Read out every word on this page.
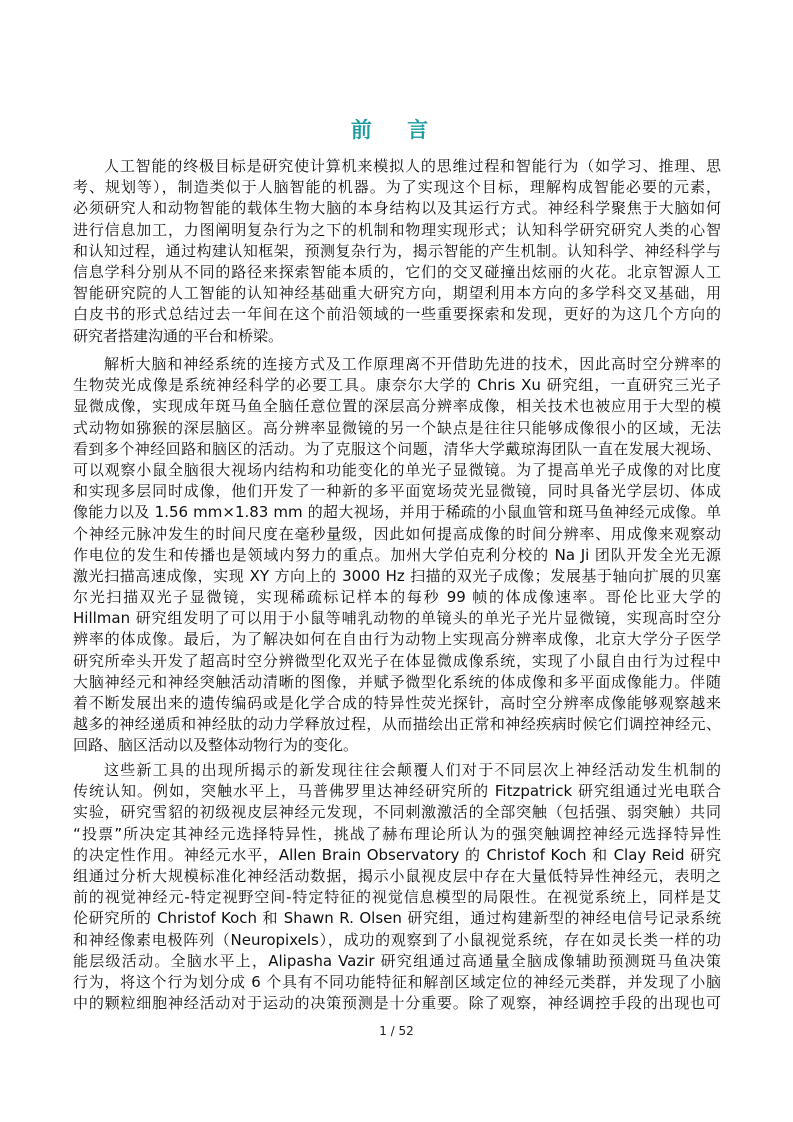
前 言
人工智能的终极目标是研究使计算机来模拟人的思维过程和智能行为（如学习、推理、思
考、规划等），制造类似于人脑智能的机器。为了实现这个目标，理解构成智能必要的元素，
必须研究人和动物智能的载体生物大脑的本身结构以及其运行方式。神经科学聚焦于大脑如何
进行信息加工，力图阐明复杂行为之下的机制和物理实现形式；认知科学研究研究人类的心智
和认知过程，通过构建认知框架，预测复杂行为，揭示智能的产生机制。认知科学、神经科学与
信息学科分别从不同的路径来探索智能本质的，它们的交叉碰撞出炫丽的火花。北京智源人工
智能研究院的人工智能的认知神经基础重大研究方向，期望利用本方向的多学科交叉基础，用
白皮书的形式总结过去一年间在这个前沿领域的一些重要探索和发现，更好的为这几个方向的
研究者搭建沟通的平台和桥梁。
解析大脑和神经系统的连接方式及工作原理离不开借助先进的技术，因此高时空分辨率的
生物荧光成像是系统神经科学的必要工具。康奈尔大学的 Chris Xu 研究组，一直研究三光子
显微成像，实现成年斑马鱼全脑任意位置的深层高分辨率成像，相关技术也被应用于大型的模
式动物如猕猴的深层脑区。高分辨率显微镜的另一个缺点是往往只能够成像很小的区域，无法
看到多个神经回路和脑区的活动。为了克服这个问题，清华大学戴琼海团队一直在发展大视场、
可以观察小鼠全脑很大视场内结构和功能变化的单光子显微镜。为了提高单光子成像的对比度
和实现多层同时成像，他们开发了一种新的多平面宽场荧光显微镜，同时具备光学层切、体成
像能力以及 1.56 mm×1.83 mm 的超大视场，并用于稀疏的小鼠血管和斑马鱼神经元成像。单
个神经元脉冲发生的时间尺度在毫秒量级，因此如何提高成像的时间分辨率、用成像来观察动
作电位的发生和传播也是领域内努力的重点。加州大学伯克利分校的 Na Ji 团队开发全光无源
激光扫描高速成像，实现 XY 方向上的 3000 Hz 扫描的双光子成像；发展基于轴向扩展的贝塞
尔光扫描双光子显微镜，实现稀疏标记样本的每秒 99 帧的体成像速率。哥伦比亚大学的
Hillman 研究组发明了可以用于小鼠等哺乳动物的单镜头的单光子光片显微镜，实现高时空分
辨率的体成像。最后，为了解决如何在自由行为动物上实现高分辨率成像，北京大学分子医学
研究所牵头开发了超高时空分辨微型化双光子在体显微成像系统，实现了小鼠自由行为过程中
大脑神经元和神经突触活动清晰的图像，并赋予微型化系统的体成像和多平面成像能力。伴随
着不断发展出来的遗传编码或是化学合成的特异性荧光探针，高时空分辨率成像能够观察越来
越多的神经递质和神经肽的动力学释放过程，从而描绘出正常和神经疾病时候它们调控神经元、
回路、脑区活动以及整体动物行为的变化。
这些新工具的出现所揭示的新发现往往会颠覆人们对于不同层次上神经活动发生机制的
传统认知。例如，突触水平上，马普佛罗里达神经研究所的 Fitzpatrick 研究组通过光电联合
实验，研究雪貂的初级视皮层神经元发现，不同刺激激活的全部突触（包括强、弱突触）共同
“投票”所决定其神经元选择特异性，挑战了赫布理论所认为的强突触调控神经元选择特异性
的决定性作用。神经元水平，Allen Brain Observatory 的 Christof Koch 和 Clay Reid 研究
组通过分析大规模标准化神经活动数据，揭示小鼠视皮层中存在大量低特异性神经元，表明之
前的视觉神经元-特定视野空间-特定特征的视觉信息模型的局限性。在视觉系统上，同样是艾
伦研究所的 Christof Koch 和 Shawn R. Olsen 研究组，通过构建新型的神经电信号记录系统
和神经像素电极阵列（Neuropixels），成功的观察到了小鼠视觉系统，存在如灵长类一样的功
能层级活动。全脑水平上，Alipasha Vazir 研究组通过高通量全脑成像辅助预测斑马鱼决策
行为，将这个行为划分成 6 个具有不同功能特征和解剖区域定位的神经元类群，并发现了小脑
中的颗粒细胞神经活动对于运动的决策预测是十分重要。除了观察，神经调控手段的出现也可
1 / 52
